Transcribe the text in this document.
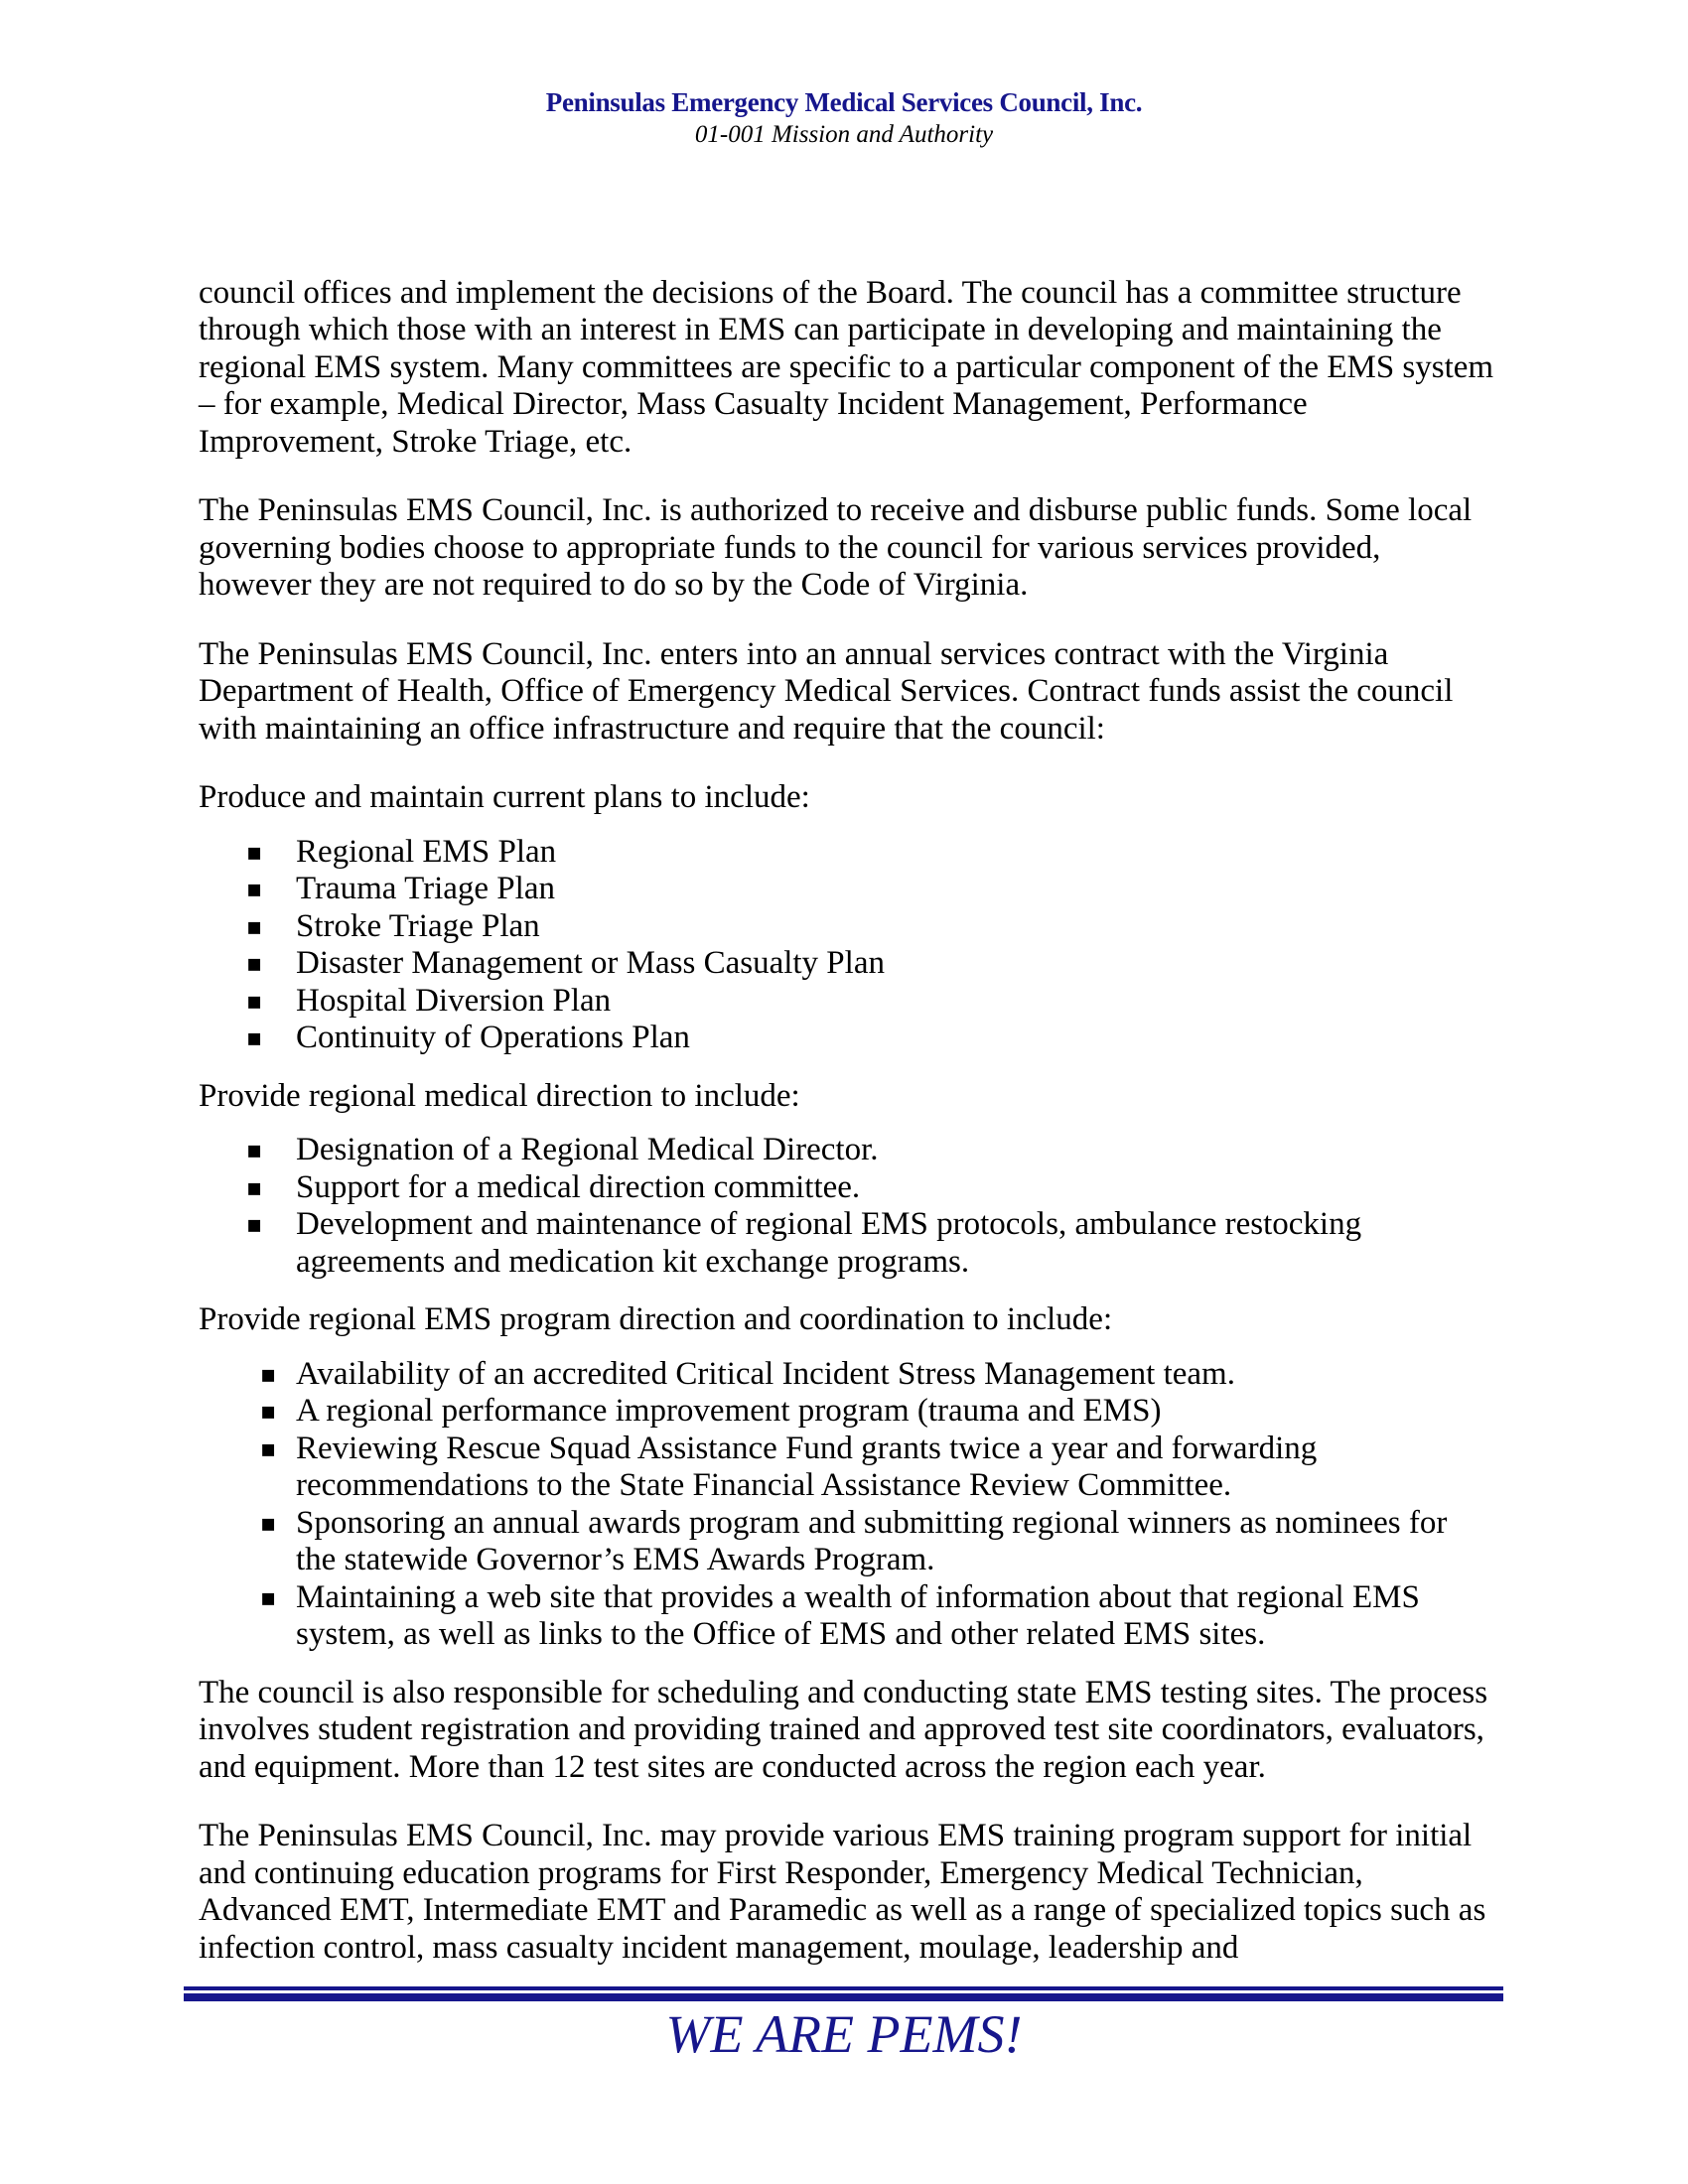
Peninsulas Emergency Medical Services Council, Inc.
01-001 Mission and Authority

council offices and implement the decisions of the Board. The council has a committee structure through which those with an interest in EMS can participate in developing and maintaining the regional EMS system. Many committees are specific to a particular component of the EMS system – for example, Medical Director, Mass Casualty Incident Management, Performance Improvement, Stroke Triage, etc.

The Peninsulas EMS Council, Inc. is authorized to receive and disburse public funds. Some local governing bodies choose to appropriate funds to the council for various services provided, however they are not required to do so by the Code of Virginia.

The Peninsulas EMS Council, Inc. enters into an annual services contract with the Virginia Department of Health, Office of Emergency Medical Services. Contract funds assist the council with maintaining an office infrastructure and require that the council:

Produce and maintain current plans to include:

▪ Regional EMS Plan
▪ Trauma Triage Plan
▪ Stroke Triage Plan
▪ Disaster Management or Mass Casualty Plan
▪ Hospital Diversion Plan
▪ Continuity of Operations Plan

Provide regional medical direction to include:

▪ Designation of a Regional Medical Director.
▪ Support for a medical direction committee.
▪ Development and maintenance of regional EMS protocols, ambulance restocking agreements and medication kit exchange programs.

Provide regional EMS program direction and coordination to include:

▪ Availability of an accredited Critical Incident Stress Management team.
▪ A regional performance improvement program (trauma and EMS)
▪ Reviewing Rescue Squad Assistance Fund grants twice a year and forwarding recommendations to the State Financial Assistance Review Committee.
▪ Sponsoring an annual awards program and submitting regional winners as nominees for the statewide Governor’s EMS Awards Program.
▪ Maintaining a web site that provides a wealth of information about that regional EMS system, as well as links to the Office of EMS and other related EMS sites.

The council is also responsible for scheduling and conducting state EMS testing sites. The process involves student registration and providing trained and approved test site coordinators, evaluators, and equipment. More than 12 test sites are conducted across the region each year.

The Peninsulas EMS Council, Inc. may provide various EMS training program support for initial and continuing education programs for First Responder, Emergency Medical Technician, Advanced EMT, Intermediate EMT and Paramedic as well as a range of specialized topics such as infection control, mass casualty incident management, moulage, leadership and

WE ARE PEMS!
